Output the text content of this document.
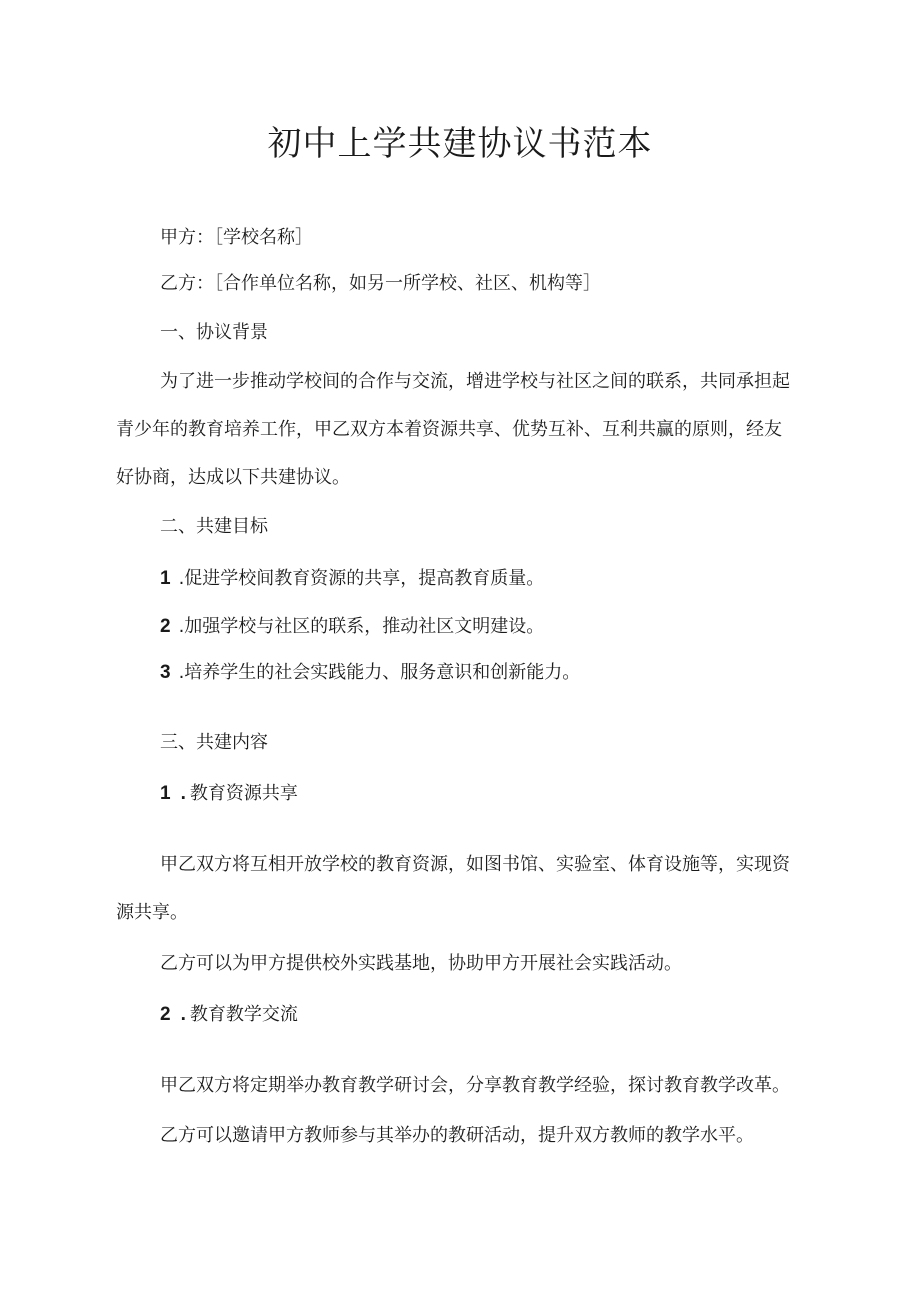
初中上学共建协议书范本

甲方：［学校名称］

乙方：［合作单位名称，如另一所学校、社区、机构等］

一、协议背景

为了进一步推动学校间的合作与交流，增进学校与社区之间的联系，共同承担起

青少年的教育培养工作，甲乙双方本着资源共享、优势互补、互利共赢的原则，经友

好协商，达成以下共建协议。

二、共建目标

1 .促进学校间教育资源的共享，提高教育质量。

2 .加强学校与社区的联系，推动社区文明建设。

3 .培养学生的社会实践能力、服务意识和创新能力。

三、共建内容

1 . 教育资源共享

甲乙双方将互相开放学校的教育资源，如图书馆、实验室、体育设施等，实现资

源共享。

乙方可以为甲方提供校外实践基地，协助甲方开展社会实践活动。

2 . 教育教学交流

甲乙双方将定期举办教育教学研讨会，分享教育教学经验，探讨教育教学改革。

乙方可以邀请甲方教师参与其举办的教研活动，提升双方教师的教学水平。
